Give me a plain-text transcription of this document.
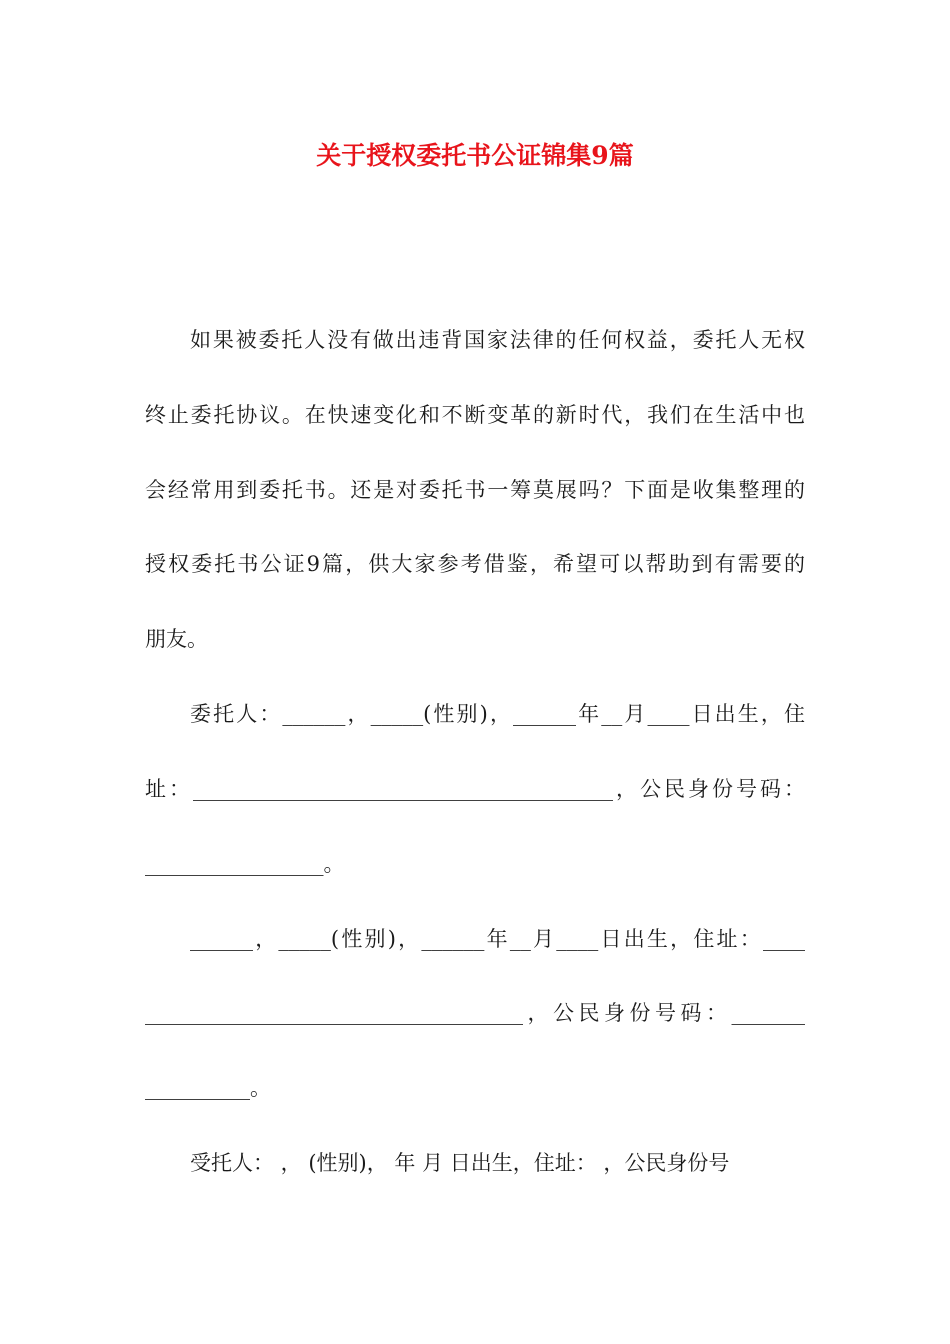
关于授权委托书公证锦集9篇
如果被委托人没有做出违背国家法律的任何权益，委托人无权
终止委托协议。在快速变化和不断变革的新时代，我们在生活中也
会经常用到委托书。还是对委托书一筹莫展吗？下面是收集整理的
授权委托书公证9篇，供大家参考借鉴，希望可以帮助到有需要的
朋友。
委托人：______，_____(性别)，______年__月____日出生，住
址：________________________________________，公民身份号码：
_________________。
______，_____(性别)，______年__月____日出生，住址：____
____________________________________，公民身份号码：_______
__________。
受托人： ， (性别)， 年 月 日出生，住址： ，公民身份号
